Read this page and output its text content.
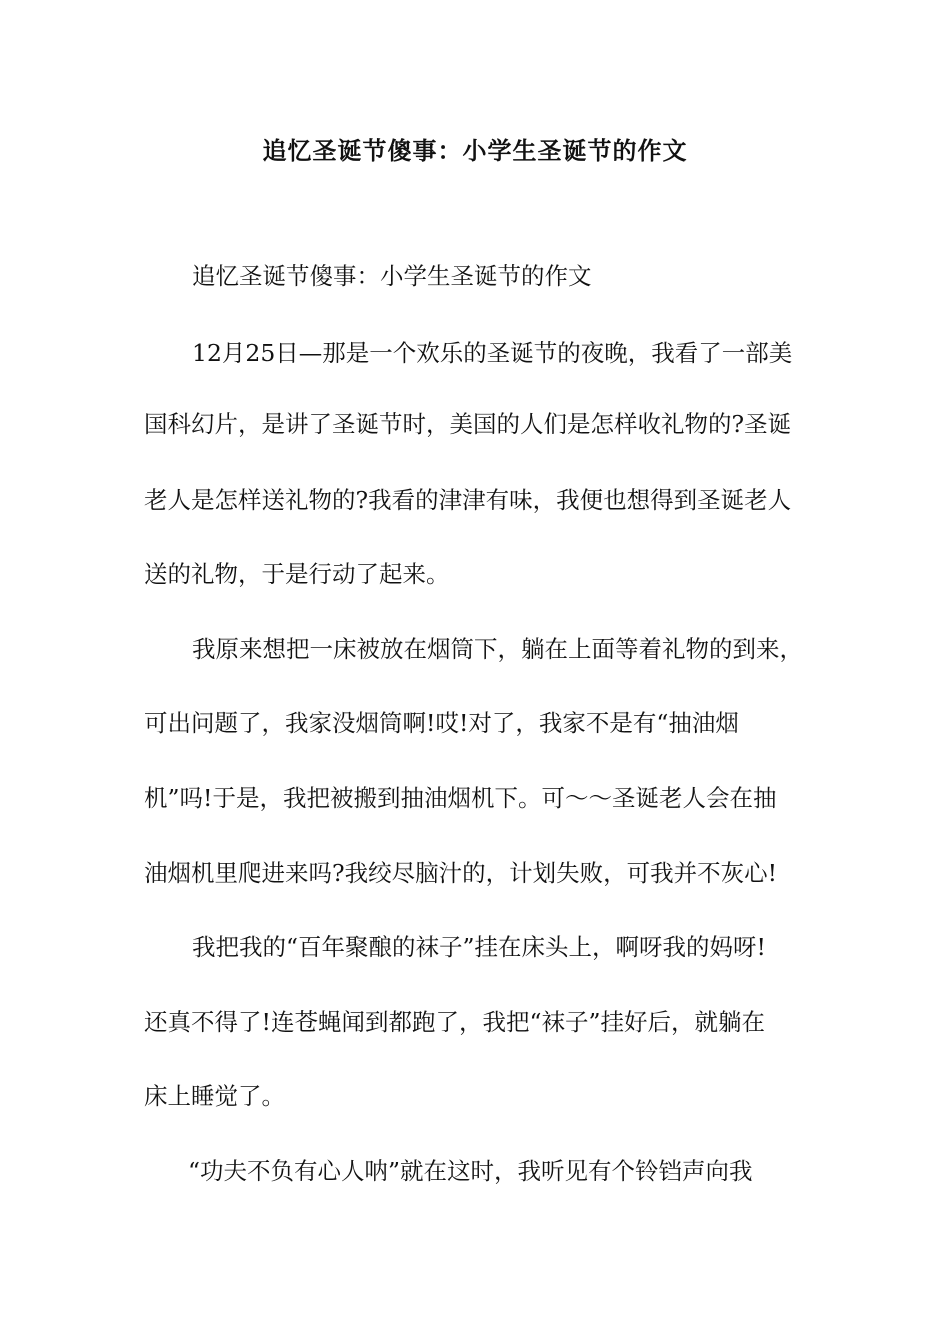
追忆圣诞节傻事：小学生圣诞节的作文

追忆圣诞节傻事：小学生圣诞节的作文

12月25日—那是一个欢乐的圣诞节的夜晚，我看了一部美

国科幻片，是讲了圣诞节时，美国的人们是怎样收礼物的?圣诞

老人是怎样送礼物的?我看的津津有味，我便也想得到圣诞老人

送的礼物，于是行动了起来。

我原来想把一床被放在烟筒下，躺在上面等着礼物的到来，

可出问题了，我家没烟筒啊!哎!对了，我家不是有“抽油烟

机”吗!于是，我把被搬到抽油烟机下。可～～圣诞老人会在抽

油烟机里爬进来吗?我绞尽脑汁的，计划失败，可我并不灰心!

我把我的“百年聚酿的袜子”挂在床头上，啊呀我的妈呀!

还真不得了!连苍蝇闻到都跑了，我把“袜子”挂好后，就躺在

床上睡觉了。

“功夫不负有心人呐”就在这时，我听见有个铃铛声向我
